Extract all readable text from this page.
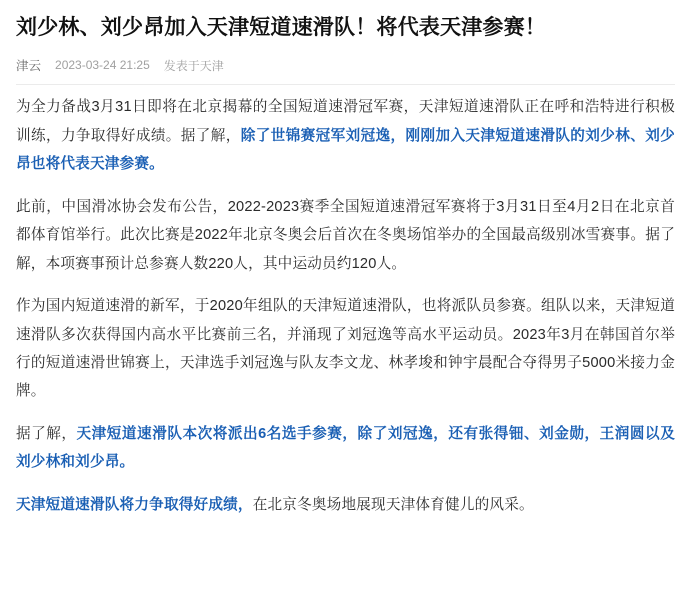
刘少林、刘少昂加入天津短道速滑队！将代表天津参赛！
津云 2023-03-24 21:25 发表于天津

为全力备战3月31日即将在北京揭幕的全国短道速滑冠军赛，天津短道速滑队正在呼和浩特进行积极训练，力争取得好成绩。据了解，除了世锦赛冠军刘冠逸，刚刚加入天津短道速滑队的刘少林、刘少昂也将代表天津参赛。

此前，中国滑冰协会发布公告，2022-2023赛季全国短道速滑冠军赛将于3月31日至4月2日在北京首都体育馆举行。此次比赛是2022年北京冬奥会后首次在冬奥场馆举办的全国最高级别冰雪赛事。据了解，本项赛事预计总参赛人数220人，其中运动员约120人。

作为国内短道速滑的新军，于2020年组队的天津短道速滑队，也将派队员参赛。组队以来，天津短道速滑队多次获得国内高水平比赛前三名，并涌现了刘冠逸等高水平运动员。2023年3月在韩国首尔举行的短道速滑世锦赛上，天津选手刘冠逸与队友李文龙、林孝埈和钟宇晨配合夺得男子5000米接力金牌。

据了解，天津短道速滑队本次将派出6名选手参赛，除了刘冠逸，还有张得钿、刘金勋，王润圆以及刘少林和刘少昂。

天津短道速滑队将力争取得好成绩，在北京冬奥场地展现天津体育健儿的风采。
